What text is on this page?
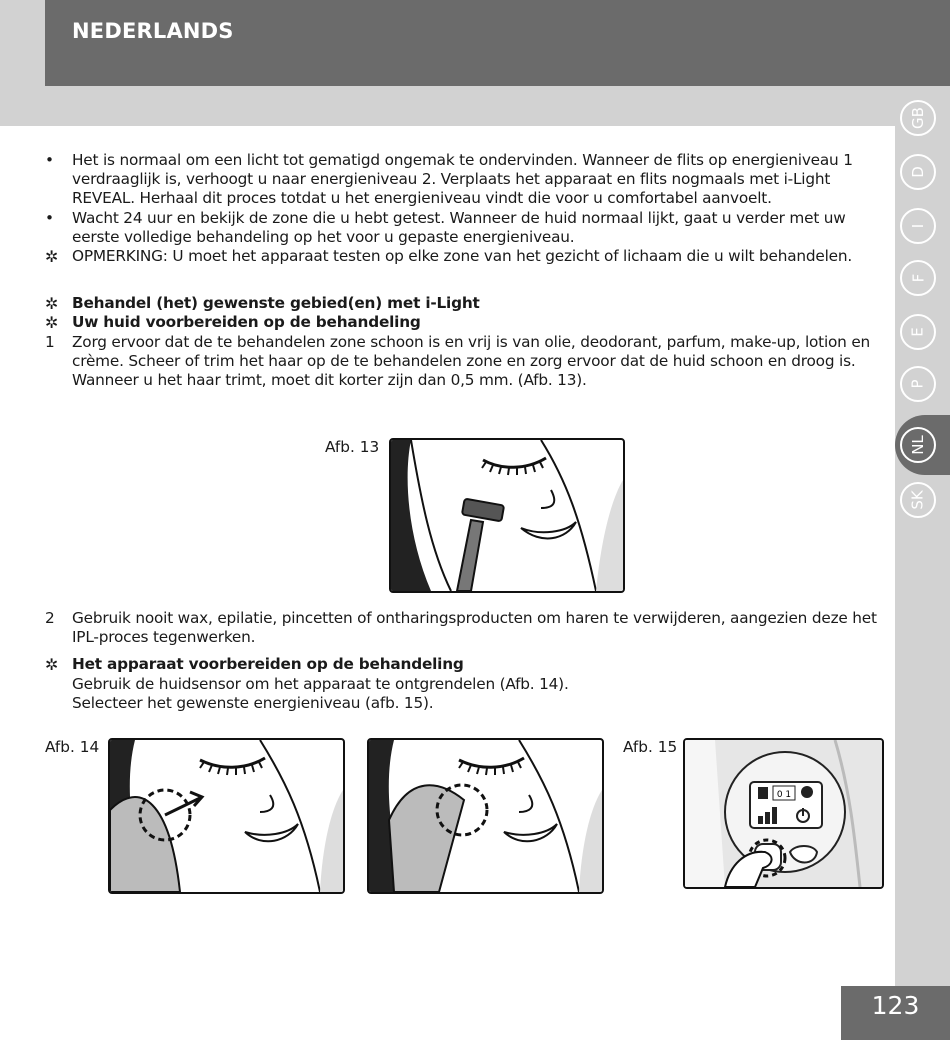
NEDERLANDS
GB
D
I
F
E
P
NL
SK
123
•	Het is normaal om een licht tot gematigd ongemak te ondervinden. Wanneer de flits op energieniveau 1 verdraaglijk is, verhoogt u naar energieniveau 2. Verplaats het apparaat en flits nogmaals met i-Light REVEAL. Herhaal dit proces totdat u het energieniveau vindt die voor u comfortabel aanvoelt.
•	Wacht 24 uur en bekijk de zone die u hebt getest. Wanneer de huid normaal lijkt, gaat u verder met uw eerste volledige behandeling op het voor u gepaste energieniveau.
✲ OPMERKING: U moet het apparaat testen op elke zone van het gezicht of lichaam die u wilt behandelen.
✲ Behandel (het) gewenste gebied(en) met i-Light
✲ Uw huid voorbereiden op de behandeling
1	Zorg ervoor dat de te behandelen zone schoon is en vrij is van olie, deodorant, parfum, make-up, lotion en crème. Scheer of trim het haar op de te behandelen zone en zorg ervoor dat de huid schoon en droog is. Wanneer u het haar trimt, moet dit korter zijn dan 0,5 mm. (Afb. 13).
2	Gebruik nooit wax, epilatie, pincetten of ontharingsproducten om haren te verwijderen, aangezien deze het IPL-proces tegenwerken.
✲ Het apparaat voorbereiden op de behandeling
Gebruik de huidsensor om het apparaat te ontgrendelen (Afb. 14).
Selecteer het gewenste energieniveau (afb. 15).
Afb. 13
Afb. 14	Afb. 15
0 1
